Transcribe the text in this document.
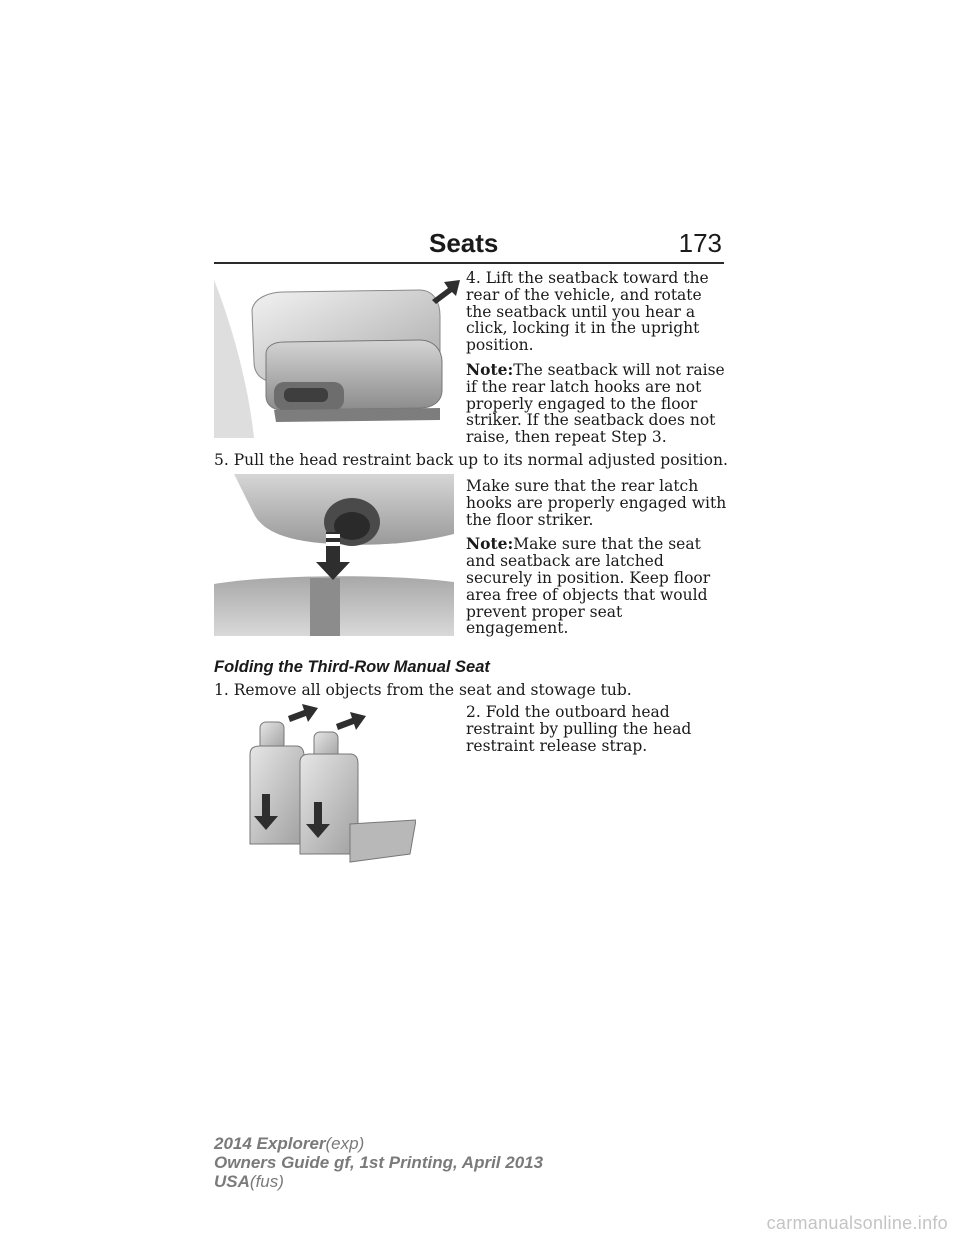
Seats	173

4. Lift the seatback toward the rear of the vehicle, and rotate the seatback until you hear a click, locking it in the upright position.

Note:The seatback will not raise if the rear latch hooks are not properly engaged to the floor striker. If the seatback does not raise, then repeat Step 3.

5. Pull the head restraint back up to its normal adjusted position.

Make sure that the rear latch hooks are properly engaged with the floor striker.

Note:Make sure that the seat and seatback are latched securely in position. Keep floor area free of objects that would prevent proper seat engagement.

Folding the Third-Row Manual Seat
1. Remove all objects from the seat and stowage tub.

2. Fold the outboard head restraint by pulling the head restraint release strap.

2014 Explorer(exp)
Owners Guide gf, 1st Printing, April 2013
USA(fus)
carmanualsonline.info
